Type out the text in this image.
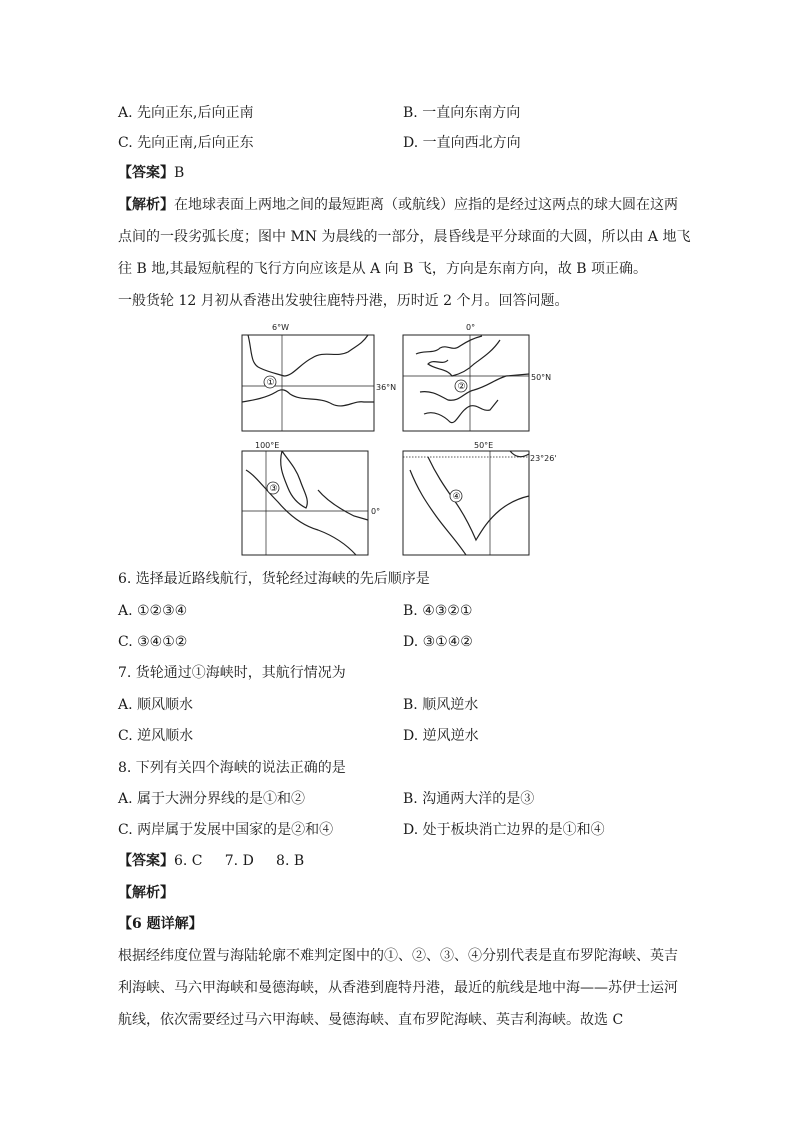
A. 先向正东,后向正南	B. 一直向东南方向
C. 先向正南,后向正东	D. 一直向西北方向
【答案】B
【解析】在地球表面上两地之间的最短距离（或航线）应指的是经过这两点的球大圆在这两
点间的一段劣弧长度；图中 MN 为晨线的一部分，晨昏线是平分球面的大圆，所以由 A 地飞
往 B 地,其最短航程的飞行方向应该是从 A 向 B 飞，方向是东南方向，故 B 项正确。
一般货轮 12 月初从香港出发驶往鹿特丹港，历时近 2 个月。回答问题。
①
6°W
36°N	②
0°
50°N
③
100°E
0°
④
50°E
23°26'
6. 选择最近路线航行，货轮经过海峡的先后顺序是
A. ①②③④	B. ④③②①
C. ③④①②	D. ③①④②
7. 货轮通过①海峡时，其航行情况为
A. 顺风顺水	B. 顺风逆水
C. 逆风顺水	D. 逆风逆水
8. 下列有关四个海峡的说法正确的是
A. 属于大洲分界线的是①和②	B. 沟通两大洋的是③
C. 两岸属于发展中国家的是②和④	D. 处于板块消亡边界的是①和④
【答案】6. C     7. D     8. B
【解析】
【6 题详解】
根据经纬度位置与海陆轮廓不难判定图中的①、②、③、④分别代表是直布罗陀海峡、英吉
利海峡、马六甲海峡和曼德海峡，从香港到鹿特丹港，最近的航线是地中海——苏伊士运河
航线，依次需要经过马六甲海峡、曼德海峡、直布罗陀海峡、英吉利海峡。故选 C
